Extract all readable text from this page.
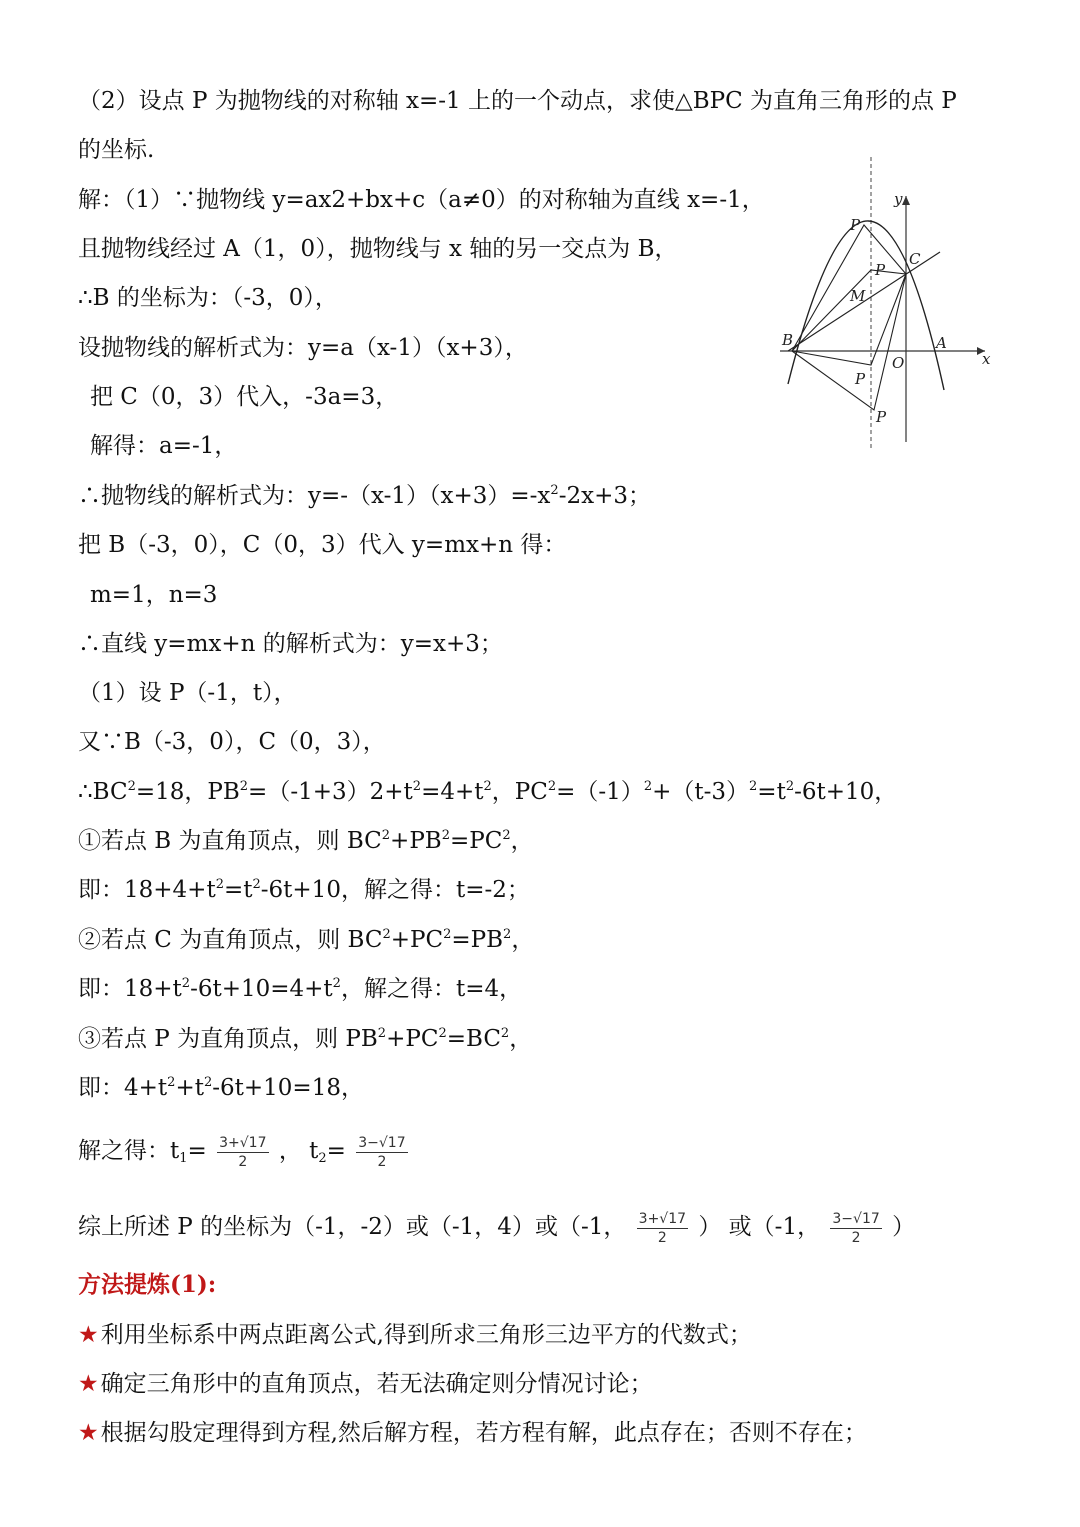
（2）设点 P 为抛物线的对称轴 x=-1 上的一个动点，求使△BPC 为直角三角形的点 P
的坐标.
解：（1）∵抛物线 y=ax2+bx+c（a≠0）的对称轴为直线 x=-1，
且抛物线经过 A（1，0），抛物线与 x 轴的另一交点为 B，
∴B 的坐标为：（-3，0），
设抛物线的解析式为：y=a（x-1）（x+3），
把 C（0，3）代入，-3a=3，
解得：a=-1，
∴抛物线的解析式为：$y=-(x-1)(x+3)=-x^2-2x+3$；
把 B（-3，0），C（0，3）代入 y=mx+n 得：
m=1，n=3
∴直线 y=mx+n 的解析式为：y=x+3；
（1）设 P（-1，t），
又∵B（-3，0），C（0，3），
$\therefore BC^2=18$，$PB^2=(-1+3)2+t^2=4+t^2$，$PC^2=(-1)^2+(t-3)^2=t^2-6t+10$，
①若点 B 为直角顶点，则 $BC^2+PB^2=PC^2$，
即：$18+4+t^2=t^2-6t+10$，解之得：t=-2；
②若点 C 为直角顶点，则 $BC^2+PC^2=PB^2$，
即：$18+t^2-6t+10=4+t^2$，解之得：t=4，
③若点 P 为直角顶点，则 $PB^2+PC^2=BC^2$，
即：$4+t^2+t^2-6t+10=18$，
解之得：$t_1= \frac{3+√17}{2}$ ， $t_2= \frac{3-√17}{2}$
综上所述 P 的坐标为（-1，-2）或（-1，4）或（-1， $\frac{3+√17}{2}$ ） 或（-1， $\frac{3-√17}{2}$ ）
方法提炼(1):
★利用坐标系中两点距离公式,得到所求三角形三边平方的代数式；
★确定三角形中的直角顶点，若无法确定则分情况讨论；
★根据勾股定理得到方程,然后解方程，若方程有解，此点存在；否则不存在；
P
P
C
M
B
O
A
x
y
P
P
